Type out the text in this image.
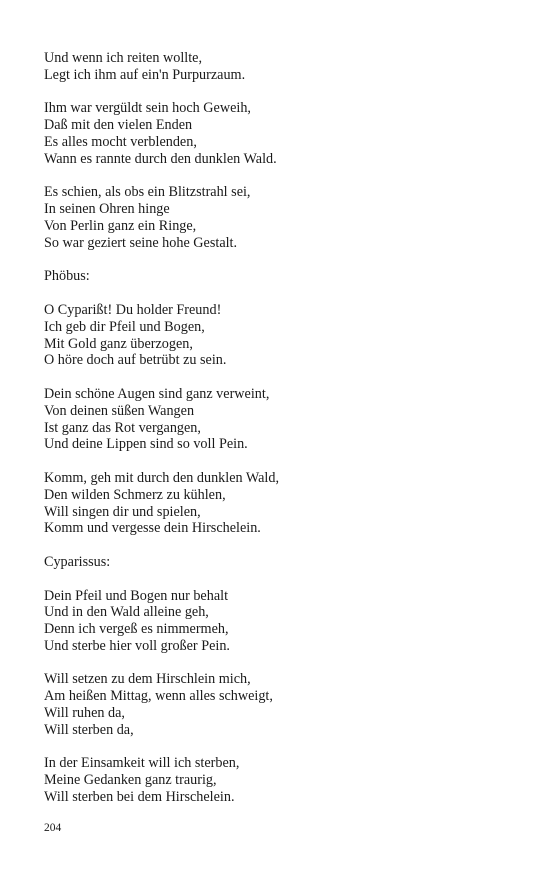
Und wenn ich reiten wollte,
Legt ich ihm auf ein'n Purpurzaum.
Ihm war vergüldt sein hoch Geweih,
Daß mit den vielen Enden
Es alles mocht verblenden,
Wann es rannte durch den dunklen Wald.
Es schien, als obs ein Blitzstrahl sei,
In seinen Ohren hinge
Von Perlin ganz ein Ringe,
So war geziert seine hohe Gestalt.
Phöbus:
O Cyparißt! Du holder Freund!
Ich geb dir Pfeil und Bogen,
Mit Gold ganz überzogen,
O höre doch auf betrübt zu sein.
Dein schöne Augen sind ganz verweint,
Von deinen süßen Wangen
Ist ganz das Rot vergangen,
Und deine Lippen sind so voll Pein.
Komm, geh mit durch den dunklen Wald,
Den wilden Schmerz zu kühlen,
Will singen dir und spielen,
Komm und vergesse dein Hirschelein.
Cyparissus:
Dein Pfeil und Bogen nur behalt
Und in den Wald alleine geh,
Denn ich vergeß es nimmermeh,
Und sterbe hier voll großer Pein.
Will setzen zu dem Hirschlein mich,
Am heißen Mittag, wenn alles schweigt,
Will ruhen da,
Will sterben da,
In der Einsamkeit will ich sterben,
Meine Gedanken ganz traurig,
Will sterben bei dem Hirschelein.
204
